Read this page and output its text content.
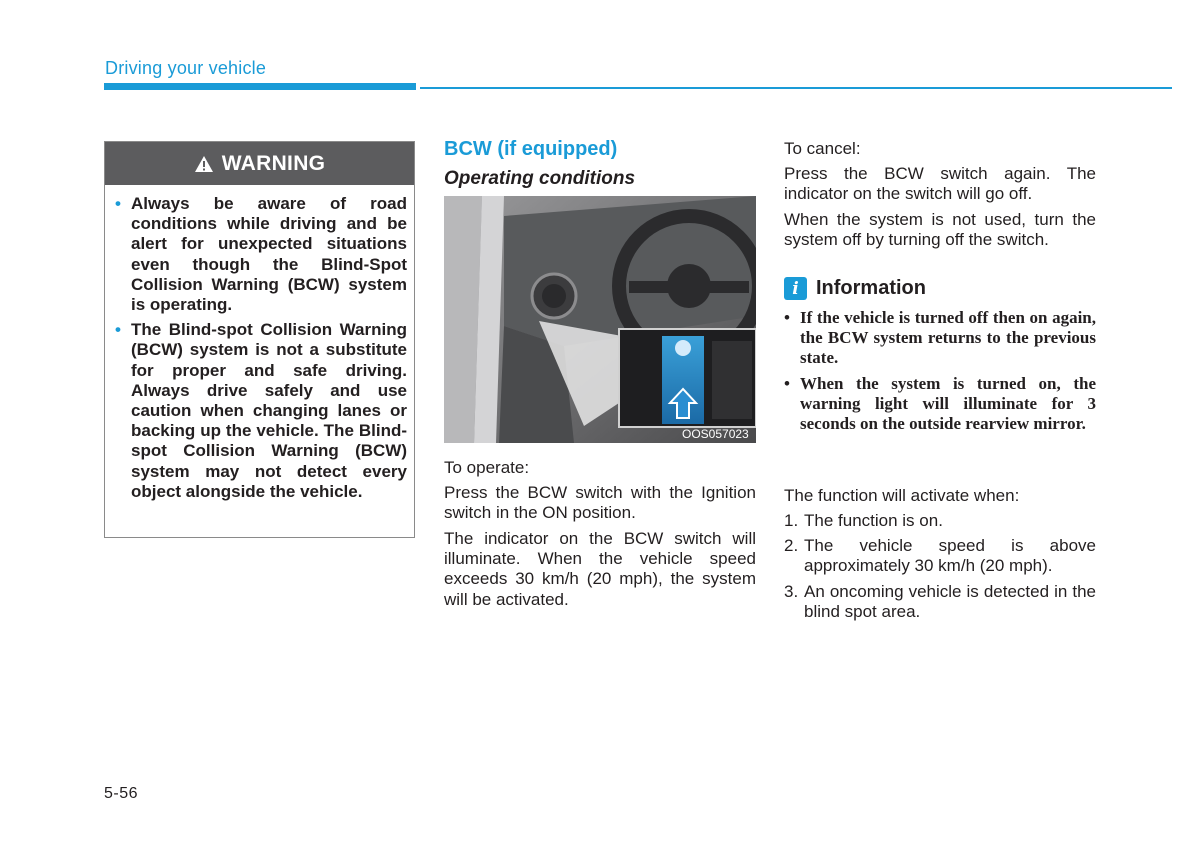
Driving your vehicle
WARNING
• Always be aware of road conditions while driving and be alert for unexpected situations even though the Blind-Spot Collision Warning (BCW) system is operating.
• The Blind-spot Collision Warning (BCW) system is not a substitute for proper and safe driving. Always drive safely and use caution when changing lanes or backing up the vehicle. The Blind-spot Collision Warning (BCW) system may not detect every object alongside the vehicle.
BCW (if equipped)
Operating conditions
OOS057023
To operate:
Press the BCW switch with the Ignition switch in the ON position.
The indicator on the BCW switch will illuminate. When the vehicle speed exceeds 30 km/h (20 mph), the system will be activated.
To cancel:
Press the BCW switch again. The indicator on the switch will go off.
When the system is not used, turn the system off by turning off the switch.
i Information
• If the vehicle is turned off then on again, the BCW system returns to the previous state.
• When the system is turned on, the warning light will illuminate for 3 seconds on the outside rearview mirror.
The function will activate when:
1. The function is on.
2. The vehicle speed is above approximately 30 km/h (20 mph).
3. An oncoming vehicle is detected in the blind spot area.
5-56
